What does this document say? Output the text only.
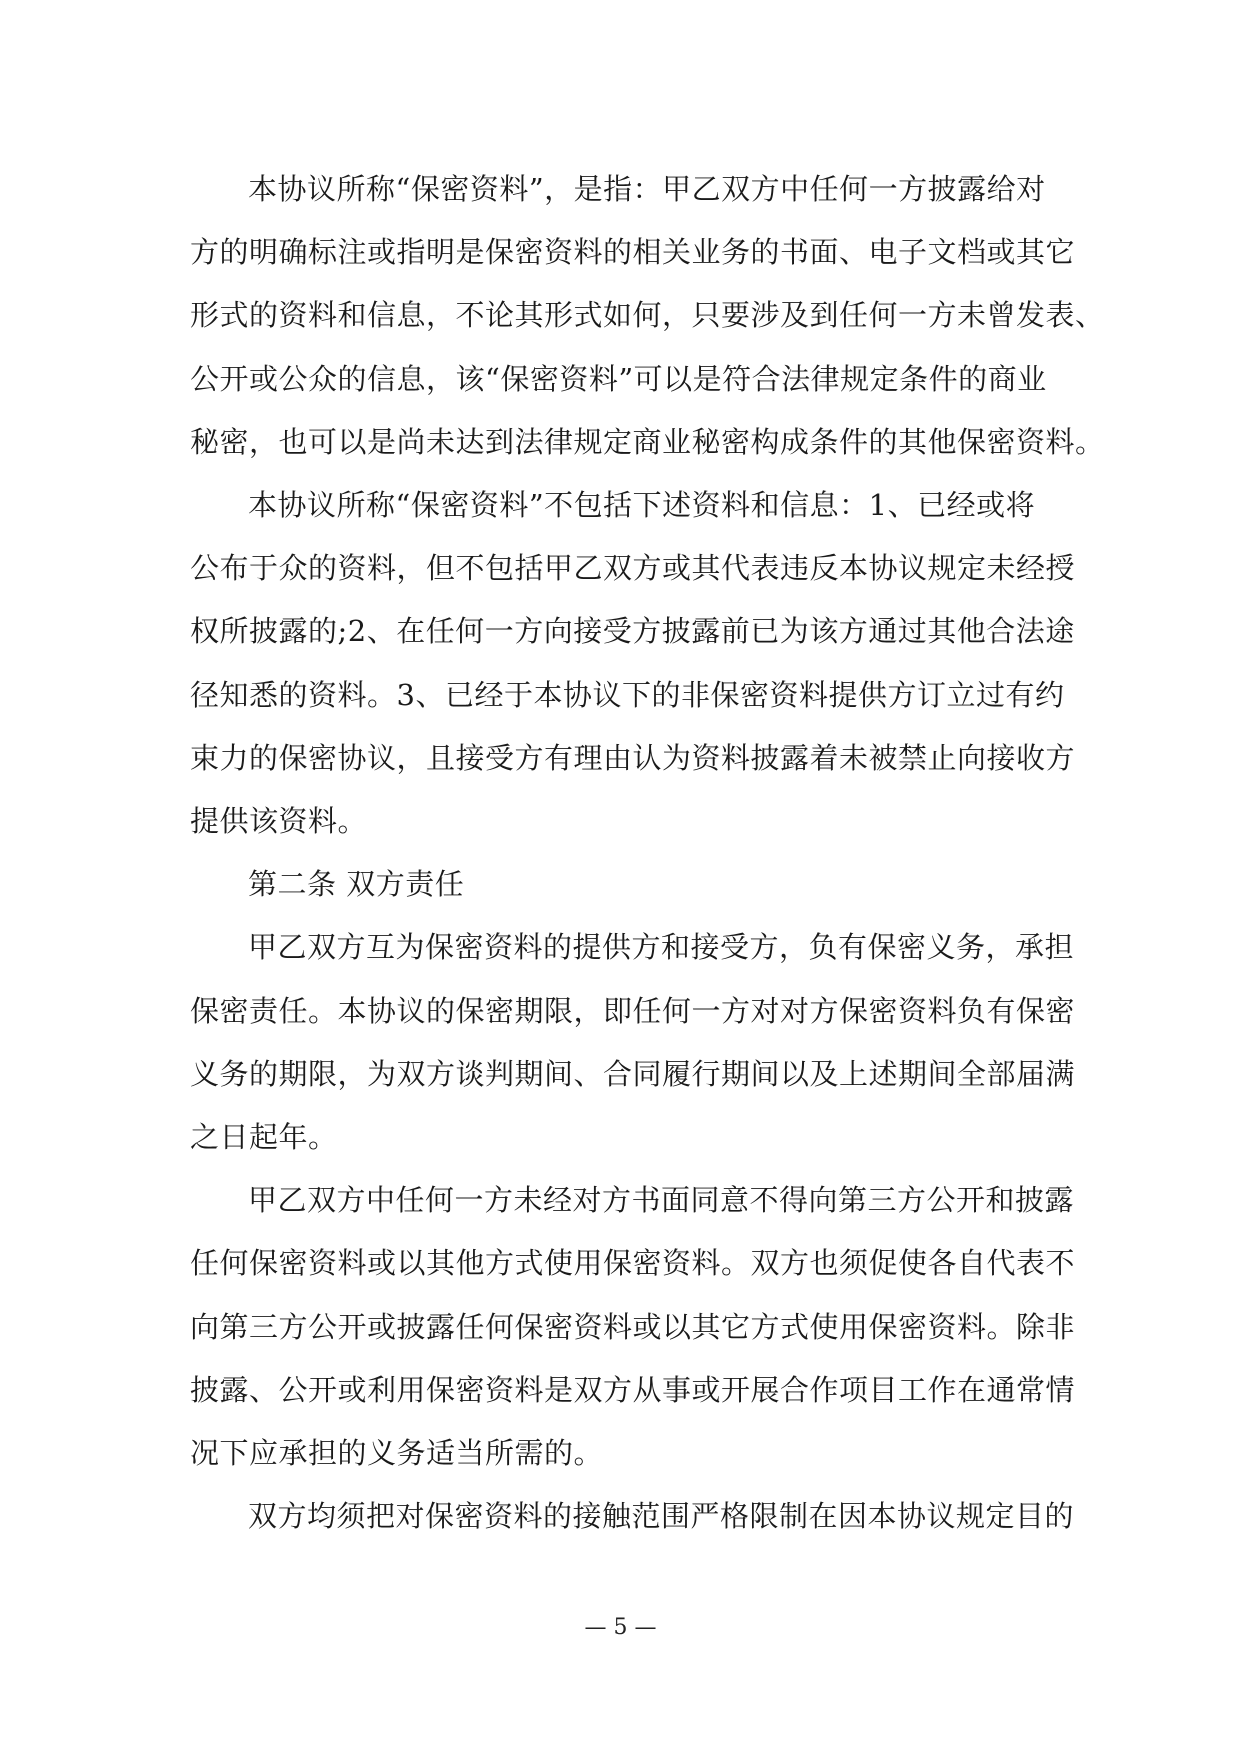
本协议所称“保密资料”，是指：甲乙双方中任何一方披露给对
方的明确标注或指明是保密资料的相关业务的书面、电子文档或其它
形式的资料和信息，不论其形式如何，只要涉及到任何一方未曾发表、
公开或公众的信息，该“保密资料”可以是符合法律规定条件的商业
秘密，也可以是尚未达到法律规定商业秘密构成条件的其他保密资料。

本协议所称“保密资料”不包括下述资料和信息：1、已经或将
公布于众的资料，但不包括甲乙双方或其代表违反本协议规定未经授
权所披露的;2、在任何一方向接受方披露前已为该方通过其他合法途
径知悉的资料。3、已经于本协议下的非保密资料提供方订立过有约
束力的保密协议，且接受方有理由认为资料披露着未被禁止向接收方
提供该资料。

第二条 双方责任

甲乙双方互为保密资料的提供方和接受方，负有保密义务，承担
保密责任。本协议的保密期限，即任何一方对对方保密资料负有保密
义务的期限，为双方谈判期间、合同履行期间以及上述期间全部届满
之日起年。

甲乙双方中任何一方未经对方书面同意不得向第三方公开和披露
任何保密资料或以其他方式使用保密资料。双方也须促使各自代表不
向第三方公开或披露任何保密资料或以其它方式使用保密资料。除非
披露、公开或利用保密资料是双方从事或开展合作项目工作在通常情
况下应承担的义务适当所需的。

双方均须把对保密资料的接触范围严格限制在因本协议规定目的

— 5 —
